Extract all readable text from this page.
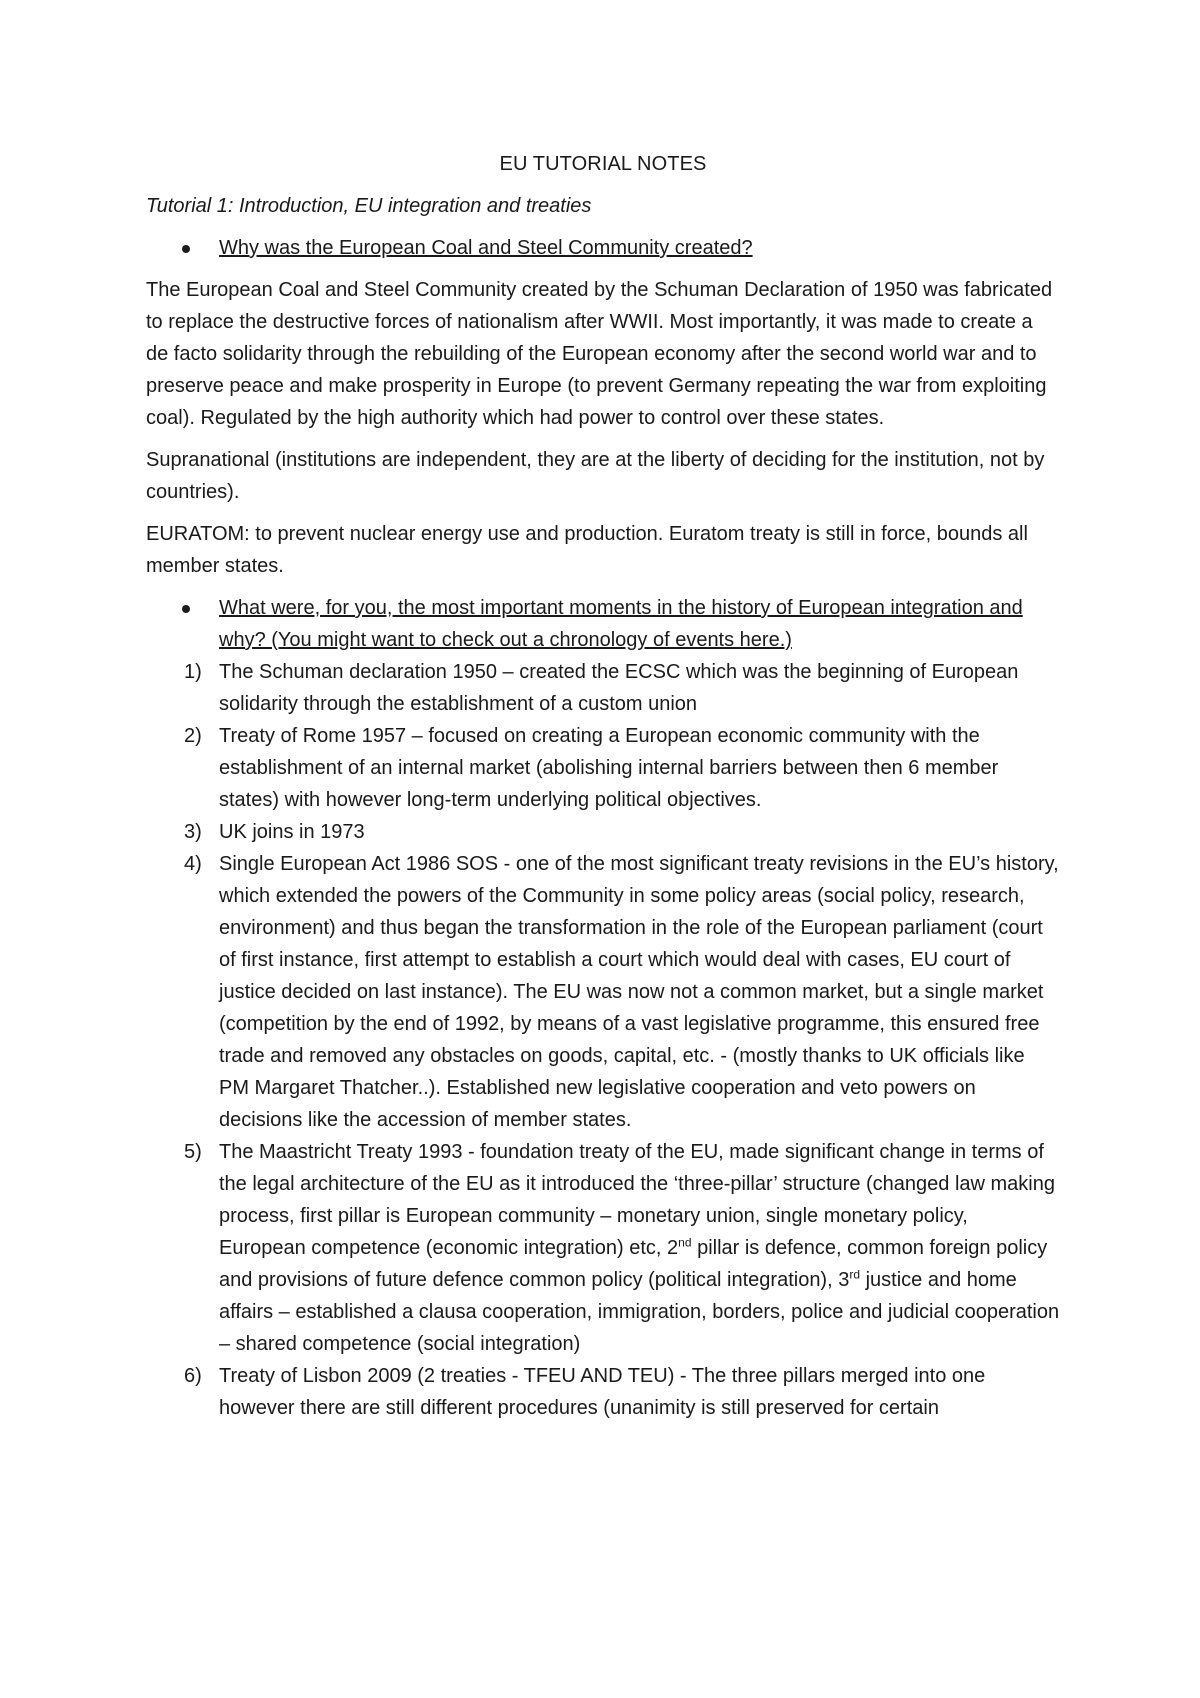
EU TUTORIAL NOTES
Tutorial 1: Introduction, EU integration and treaties
Why was the European Coal and Steel Community created?

The European Coal and Steel Community created by the Schuman Declaration of 1950 was fabricated to replace the destructive forces of nationalism after WWII. Most importantly, it was made to create a de facto solidarity through the rebuilding of the European economy after the second world war and to preserve peace and make prosperity in Europe (to prevent Germany repeating the war from exploiting coal). Regulated by the high authority which had power to control over these states.

Supranational (institutions are independent, they are at the liberty of deciding for the institution, not by countries).

EURATOM: to prevent nuclear energy use and production. Euratom treaty is still in force, bounds all member states.

What were, for you, the most important moments in the history of European integration and why? (You might want to check out a chronology of events here.)
1) The Schuman declaration 1950 – created the ECSC which was the beginning of European solidarity through the establishment of a custom union
2) Treaty of Rome 1957 – focused on creating a European economic community with the establishment of an internal market (abolishing internal barriers between then 6 member states) with however long-term underlying political objectives.
3) UK joins in 1973
4) Single European Act 1986 SOS - one of the most significant treaty revisions in the EU’s history, which extended the powers of the Community in some policy areas (social policy, research, environment) and thus began the transformation in the role of the European parliament (court of first instance, first attempt to establish a court which would deal with cases, EU court of justice decided on last instance). The EU was now not a common market, but a single market (competition by the end of 1992, by means of a vast legislative programme, this ensured free trade and removed any obstacles on goods, capital, etc. - (mostly thanks to UK officials like PM Margaret Thatcher..). Established new legislative cooperation and veto powers on decisions like the accession of member states.
5) The Maastricht Treaty 1993 - foundation treaty of the EU, made significant change in terms of the legal architecture of the EU as it introduced the ‘three-pillar’ structure (changed law making process, first pillar is European community – monetary union, single monetary policy, European competence (economic integration) etc, 2nd pillar is defence, common foreign policy and provisions of future defence common policy (political integration), 3rd justice and home affairs – established a clausa cooperation, immigration, borders, police and judicial cooperation – shared competence (social integration)
6) Treaty of Lisbon 2009 (2 treaties - TFEU AND TEU) - The three pillars merged into one however there are still different procedures (unanimity is still preserved for certain
